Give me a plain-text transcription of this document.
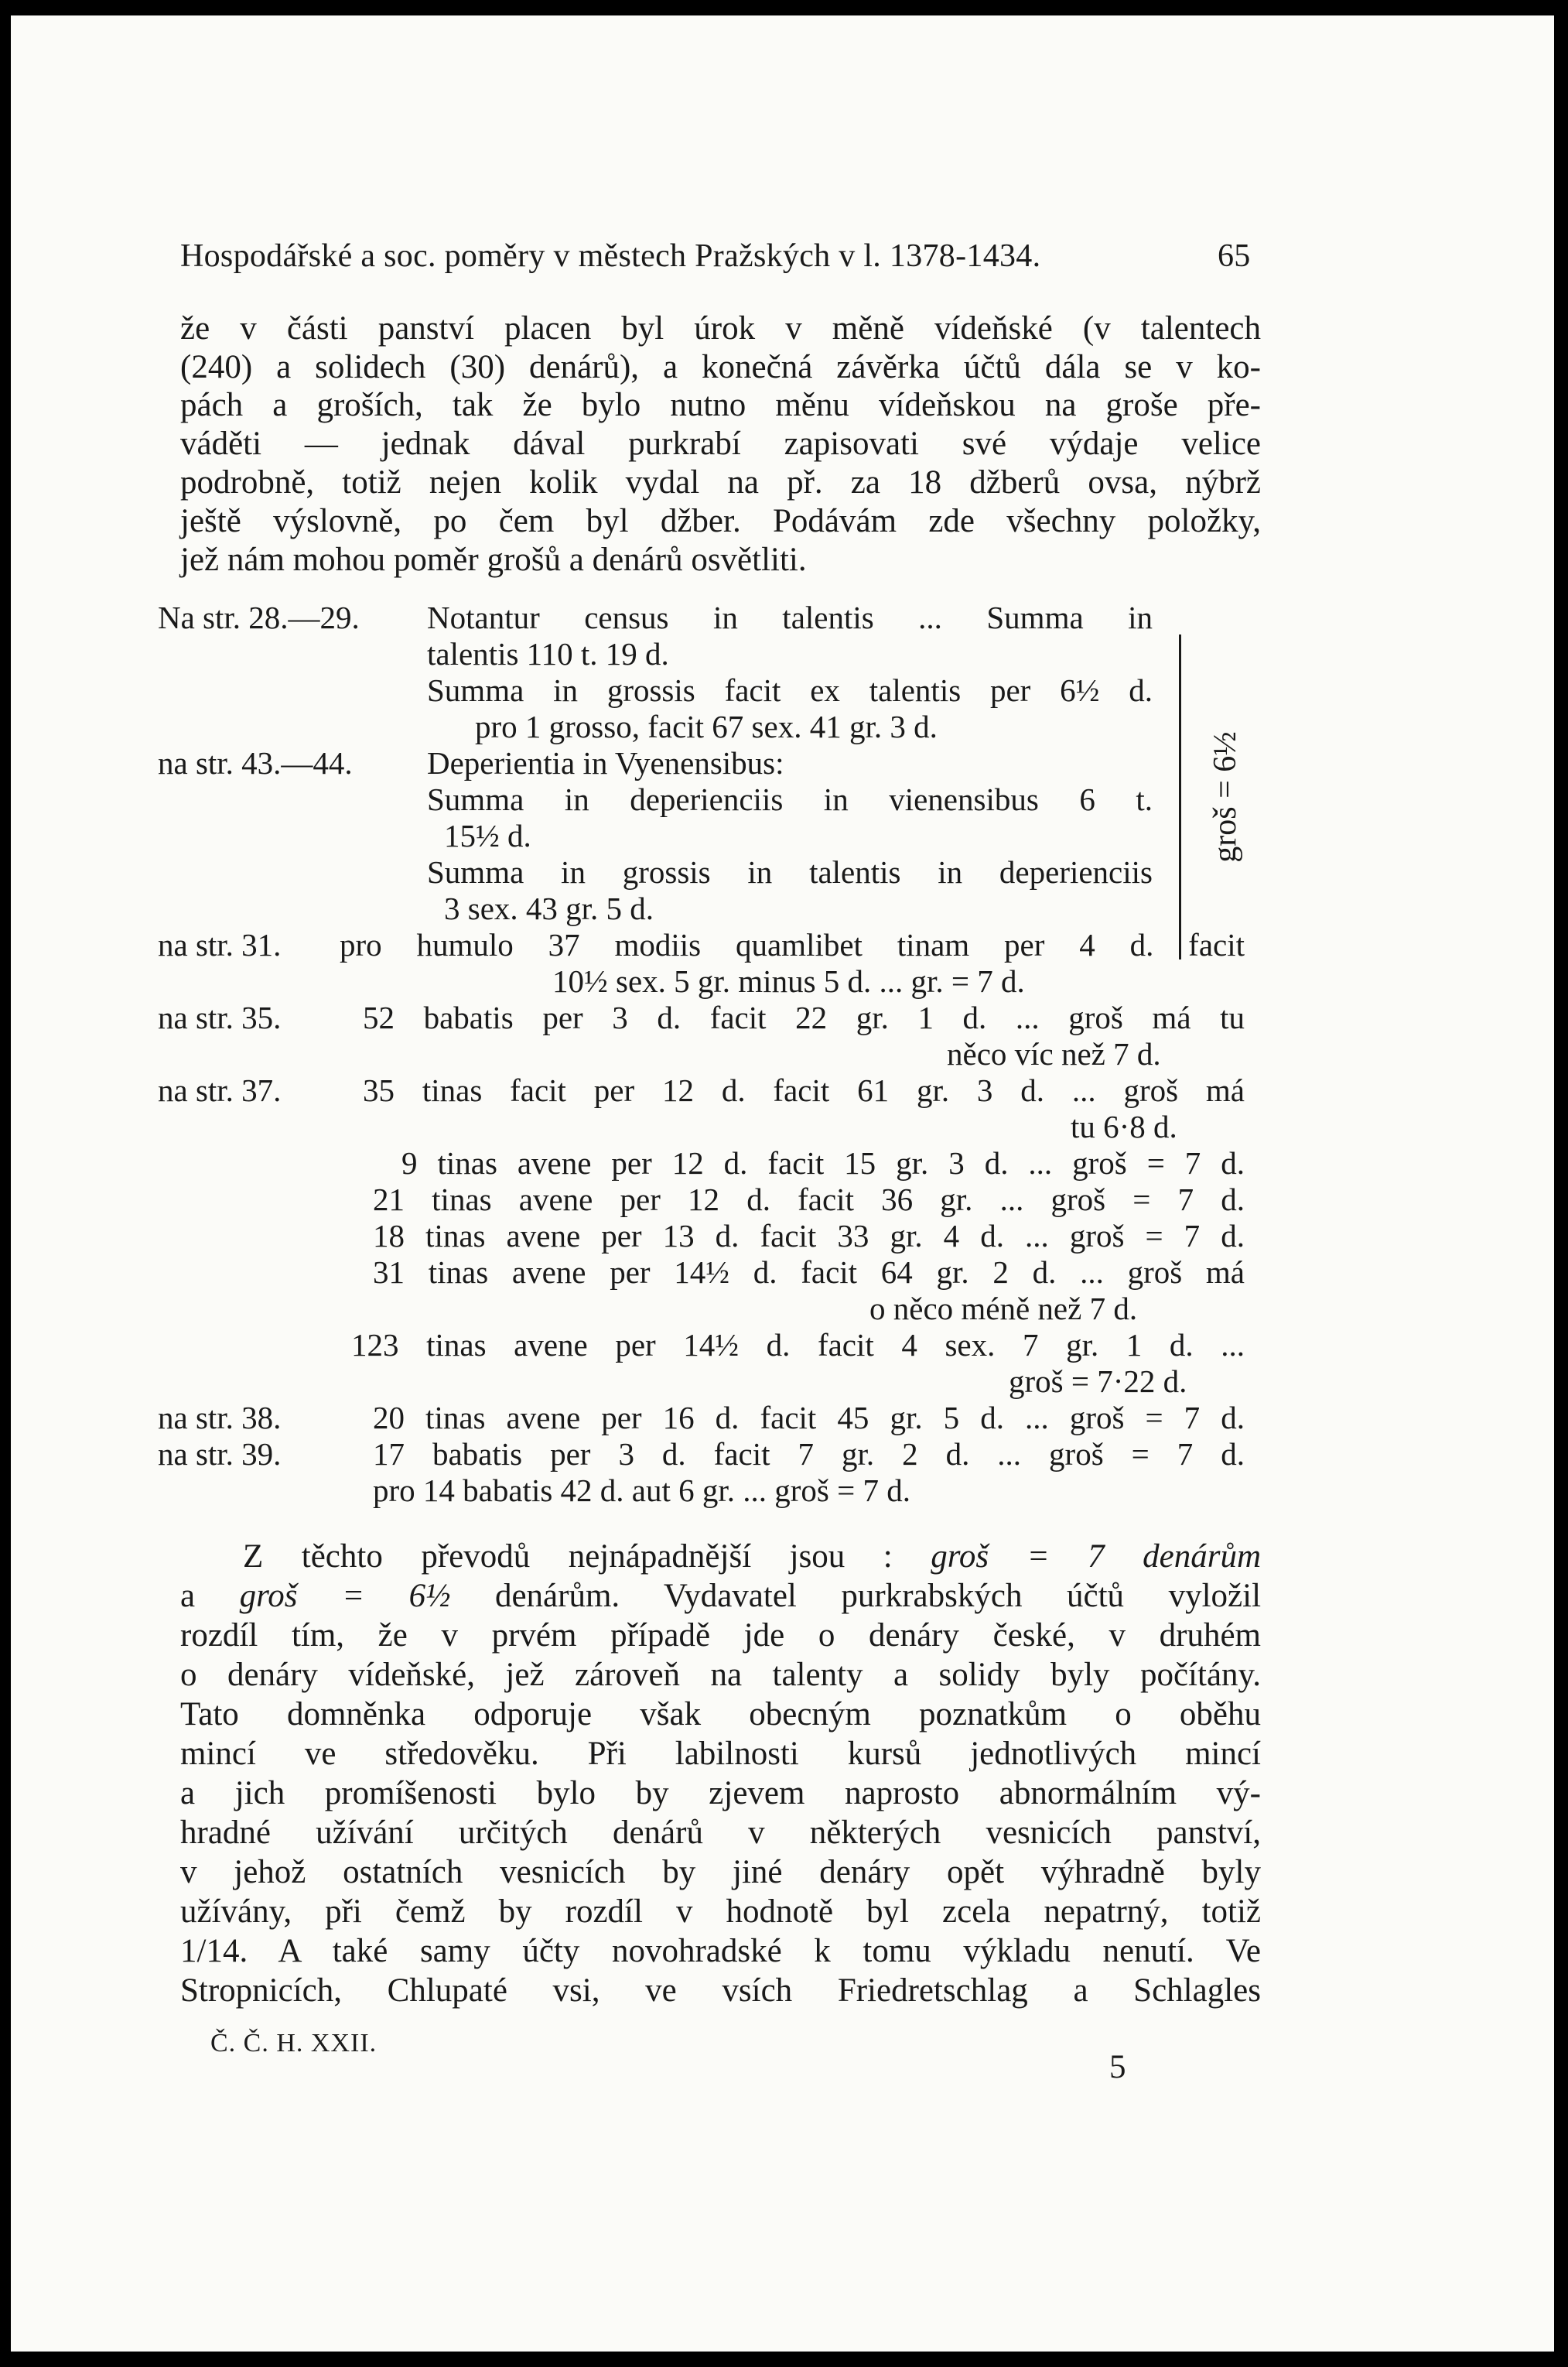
Hospodářské a soc. poměry v městech Pražských v l. 1378-1434.	65
že v části panství placen byl úrok v měně vídeňské (v talentech
(240) a solidech (30) denárů), a konečná závěrka účtů dála se v ko-
pách a groších, tak že bylo nutno měnu vídeňskou na groše pře-
váděti — jednak dával purkrabí zapisovati své výdaje velice
podrobně, totiž nejen kolik vydal na př. za 18 džberů ovsa, nýbrž
ještě výslovně, po čem byl džber. Podávám zde všechny položky,
jež nám mohou poměr grošů a denárů osvětliti.
Na str. 28.—29. Notantur census in talentis ... Summa in
talentis 110 t. 19 d.
Summa in grossis facit ex talentis per 6½ d.
pro 1 grosso, facit 67 sex. 41 gr. 3 d.
na str. 43.—44. Deperientia in Vyenensibus:
Summa in deperienciis in vienensibus 6 t.
15½ d.
Summa in grossis in talentis in deperienciis
3 sex. 43 gr. 5 d.
na str. 31. pro humulo 37 modiis quamlibet tinam per 4 d. facit
10½ sex. 5 gr. minus 5 d. ... gr. = 7 d.
na str. 35.	52 babatis per 3 d. facit 22 gr. 1 d. ... groš má tu
něco víc než 7 d.
na str. 37.	35 tinas facit per 12 d. facit 61 gr. 3 d. ... groš má
tu 6·8 d.
9 tinas avene per 12 d. facit 15 gr. 3 d. ... groš = 7 d.
21 tinas avene per 12 d. facit 36 gr. ... groš = 7 d.
18 tinas avene per 13 d. facit 33 gr. 4 d. ... groš = 7 d.
31 tinas avene per 14½ d. facit 64 gr. 2 d. ... groš má
o něco méně než 7 d.
123 tinas avene per 14½ d. facit 4 sex. 7 gr. 1 d. ...
groš = 7·22 d.
na str. 38.	20 tinas avene per 16 d. facit 45 gr. 5 d. ... groš = 7 d.
na str. 39.	17 babatis per 3 d. facit 7 gr. 2 d. ... groš = 7 d.
pro 14 babatis 42 d. aut 6 gr. ... groš = 7 d.
groš = 6½
Z těchto převodů nejnápadnější jsou : groš = 7 denárům
a groš = 6½ denárům. Vydavatel purkrabských účtů vyložil
rozdíl tím, že v prvém případě jde o denáry české, v druhém
o denáry vídeňské, jež zároveň na talenty a solidy byly počítány.
Tato domněnka odporuje však obecným poznatkům o oběhu
mincí ve středověku. Při labilnosti kursů jednotlivých mincí
a jich promíšenosti bylo by zjevem naprosto abnormálním vý-
hradné užívání určitých denárů v některých vesnicích panství,
v jehož ostatních vesnicích by jiné denáry opět výhradně byly
užívány, při čemž by rozdíl v hodnotě byl zcela nepatrný, totiž
1/14. A také samy účty novohradské k tomu výkladu nenutí. Ve
Stropnicích, Chlupaté vsi, ve vsích Friedretschlag a Schlagles
Č. Č. H. XXII.
5
